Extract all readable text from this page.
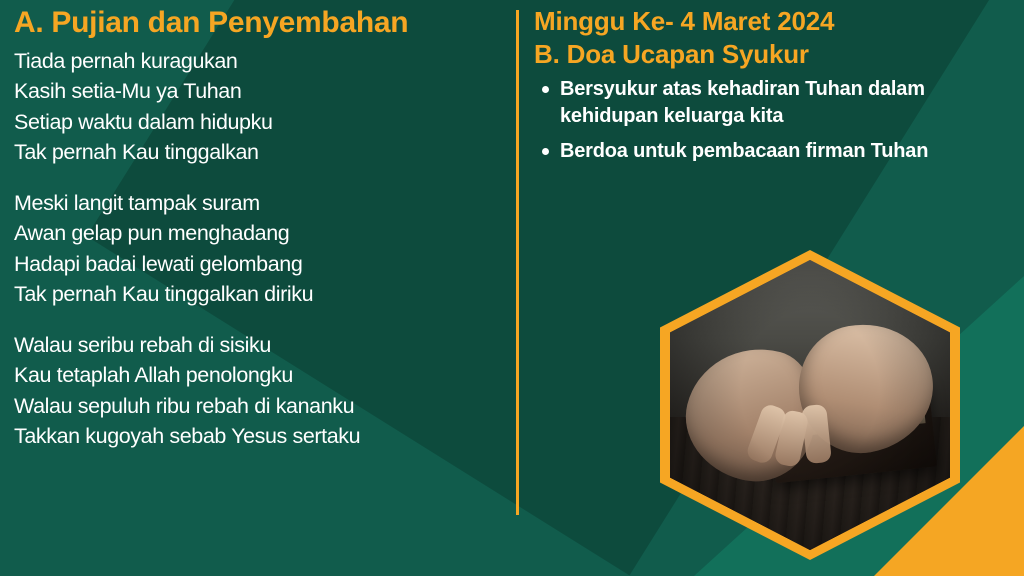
A. Pujian dan Penyembahan
Tiada pernah kuragukan
Kasih setia-Mu ya Tuhan
Setiap waktu dalam hidupku
Tak pernah Kau tinggalkan
Meski langit tampak suram
Awan gelap pun menghadang
Hadapi badai lewati gelombang
Tak pernah Kau tinggalkan diriku
Walau seribu rebah di sisiku
Kau tetaplah Allah penolongku
Walau sepuluh ribu rebah di kananku
Takkan kugoyah sebab Yesus sertaku
Minggu Ke- 4 Maret 2024
B. Doa Ucapan Syukur
Bersyukur atas kehadiran Tuhan dalam kehidupan keluarga kita
Berdoa untuk pembacaan firman Tuhan
